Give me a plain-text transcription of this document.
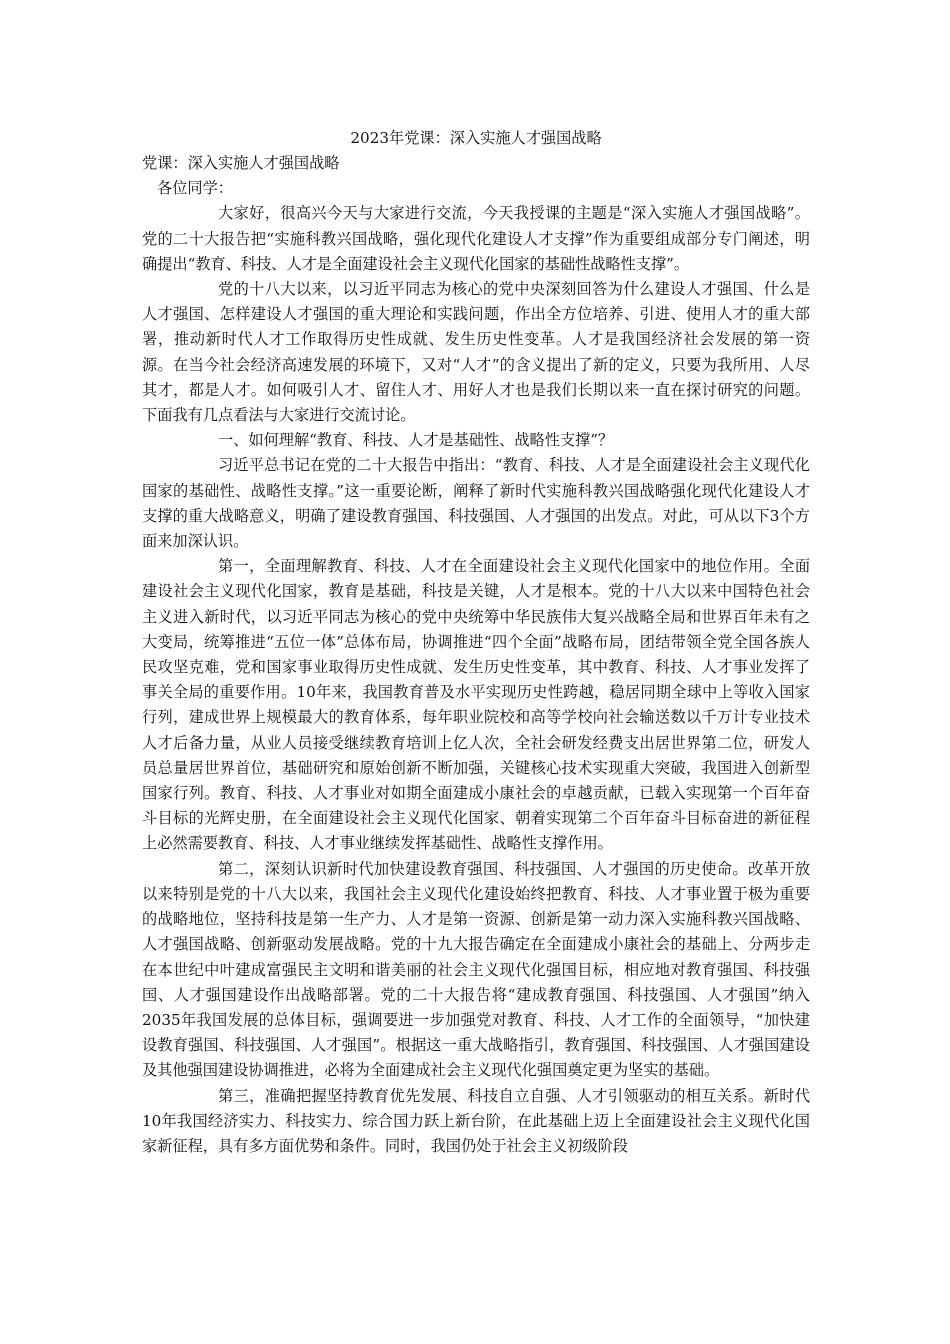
2023年党课：深入实施人才强国战略

党课：深入实施人才强国战略

各位同学：

大家好，很高兴今天与大家进行交流，今天我授课的主题是“深入实施人才强国战略”。党的二十大报告把“实施科教兴国战略，强化现代化建设人才支撑”作为重要组成部分专门阐述，明确提出“教育、科技、人才是全面建设社会主义现代化国家的基础性战略性支撑”。

党的十八大以来，以习近平同志为核心的党中央深刻回答为什么建设人才强国、什么是人才强国、怎样建设人才强国的重大理论和实践问题，作出全方位培养、引进、使用人才的重大部署，推动新时代人才工作取得历史性成就、发生历史性变革。人才是我国经济社会发展的第一资源。在当今社会经济高速发展的环境下，又对“人才”的含义提出了新的定义，只要为我所用、人尽其才，都是人才。如何吸引人才、留住人才、用好人才也是我们长期以来一直在探讨研究的问题。下面我有几点看法与大家进行交流讨论。

一、如何理解“教育、科技、人才是基础性、战略性支撑”？

习近平总书记在党的二十大报告中指出：“教育、科技、人才是全面建设社会主义现代化国家的基础性、战略性支撑。”这一重要论断，阐释了新时代实施科教兴国战略强化现代化建设人才支撑的重大战略意义，明确了建设教育强国、科技强国、人才强国的出发点。对此，可从以下3个方面来加深认识。

第一，全面理解教育、科技、人才在全面建设社会主义现代化国家中的地位作用。全面建设社会主义现代化国家，教育是基础，科技是关键，人才是根本。党的十八大以来中国特色社会主义进入新时代，以习近平同志为核心的党中央统筹中华民族伟大复兴战略全局和世界百年未有之大变局，统筹推进“五位一体”总体布局，协调推进“四个全面”战略布局，团结带领全党全国各族人民攻坚克难，党和国家事业取得历史性成就、发生历史性变革，其中教育、科技、人才事业发挥了事关全局的重要作用。10年来，我国教育普及水平实现历史性跨越，稳居同期全球中上等收入国家行列，建成世界上规模最大的教育体系，每年职业院校和高等学校向社会输送数以千万计专业技术人才后备力量，从业人员接受继续教育培训上亿人次，全社会研发经费支出居世界第二位，研发人员总量居世界首位，基础研究和原始创新不断加强，关键核心技术实现重大突破，我国进入创新型国家行列。教育、科技、人才事业对如期全面建成小康社会的卓越贡献，已载入实现第一个百年奋斗目标的光辉史册，在全面建设社会主义现代化国家、朝着实现第二个百年奋斗目标奋进的新征程上必然需要教育、科技、人才事业继续发挥基础性、战略性支撑作用。

第二，深刻认识新时代加快建设教育强国、科技强国、人才强国的历史使命。改革开放以来特别是党的十八大以来，我国社会主义现代化建设始终把教育、科技、人才事业置于极为重要的战略地位，坚持科技是第一生产力、人才是第一资源、创新是第一动力深入实施科教兴国战略、人才强国战略、创新驱动发展战略。党的十九大报告确定在全面建成小康社会的基础上、分两步走在本世纪中叶建成富强民主文明和谐美丽的社会主义现代化强国目标，相应地对教育强国、科技强国、人才强国建设作出战略部署。党的二十大报告将“建成教育强国、科技强国、人才强国”纳入2035年我国发展的总体目标，强调要进一步加强党对教育、科技、人才工作的全面领导，“加快建设教育强国、科技强国、人才强国”。根据这一重大战略指引，教育强国、科技强国、人才强国建设及其他强国建设协调推进，必将为全面建成社会主义现代化强国奠定更为坚实的基础。

第三，准确把握坚持教育优先发展、科技自立自强、人才引领驱动的相互关系。新时代10年我国经济实力、科技实力、综合国力跃上新台阶，在此基础上迈上全面建设社会主义现代化国家新征程，具有多方面优势和条件。同时，我国仍处于社会主义初级阶段
